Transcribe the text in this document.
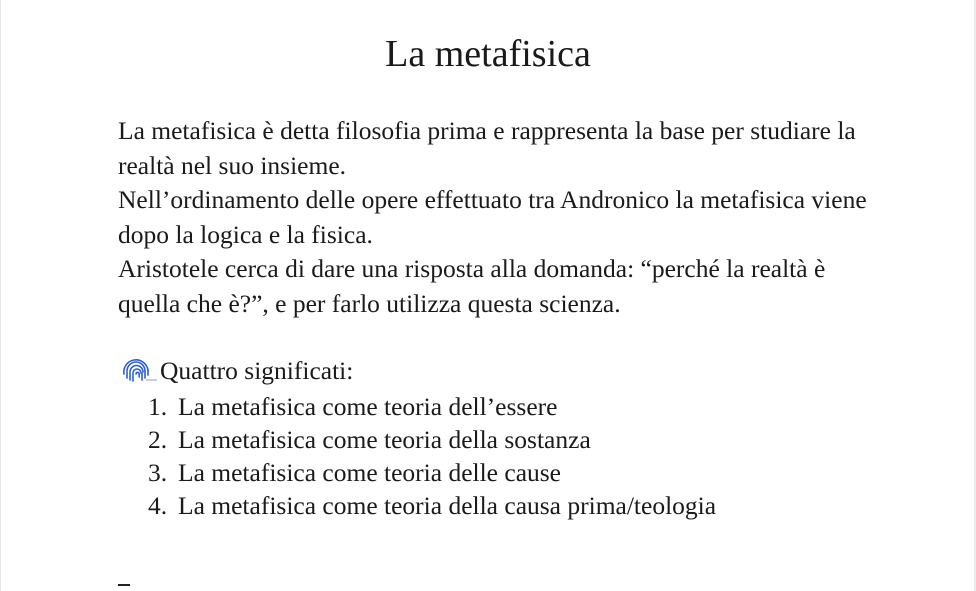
La metafisica

La metafisica è detta filosofia prima e rappresenta la base per studiare la realtà nel suo insieme.

Nell’ordinamento delle opere effettuato tra Andronico la metafisica viene dopo la logica e la fisica.

Aristotele cerca di dare una risposta alla domanda: “perché la realtà è quella che è?”, e per farlo utilizza questa scienza.

Quattro significati:
1. La metafisica come teoria dell’essere
2. La metafisica come teoria della sostanza
3. La metafisica come teoria delle cause
4. La metafisica come teoria della causa prima/teologia
